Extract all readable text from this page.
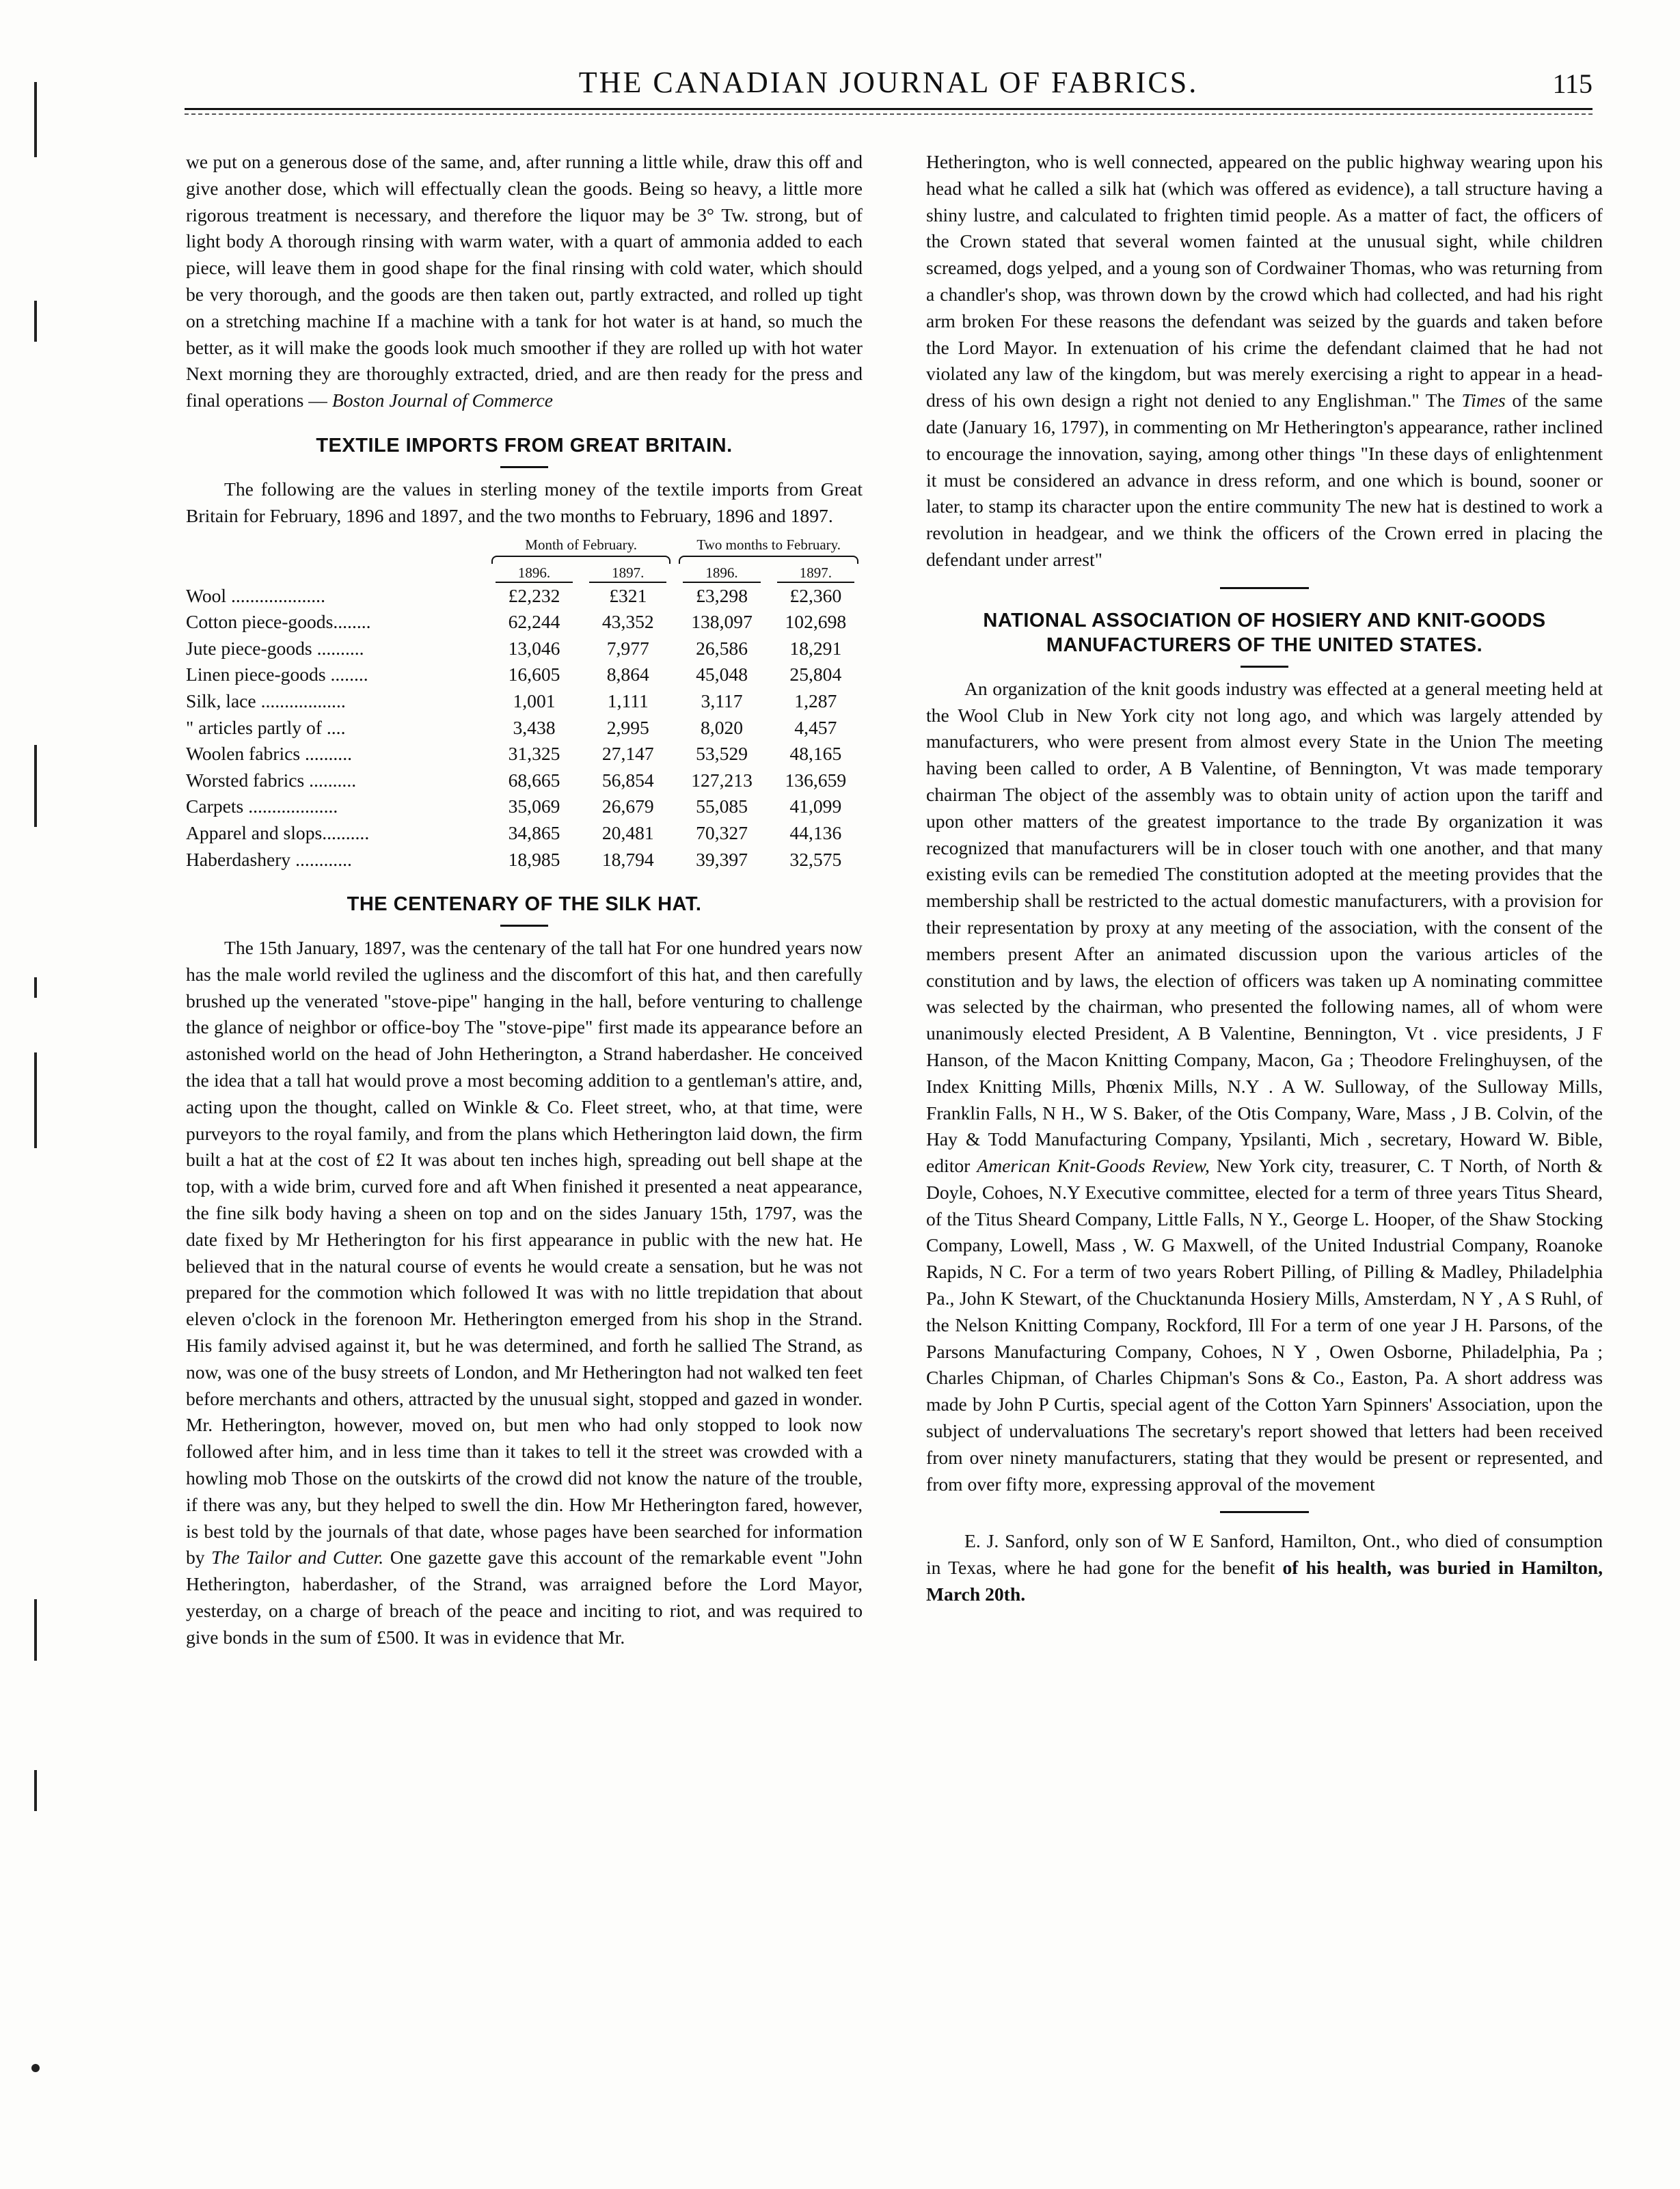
THE CANADIAN JOURNAL OF FABRICS.	115

we put on a generous dose of the same, and, after running a little while, draw this off and give another dose, which will effectually clean the goods. Being so heavy, a little more rigorous treatment is necessary, and therefore the liquor may be 3° Tw. strong, but of light body A thorough rinsing with warm water, with a quart of ammonia added to each piece, will leave them in good shape for the final rinsing with cold water, which should be very thorough, and the goods are then taken out, partly extracted, and rolled up tight on a stretching machine If a machine with a tank for hot water is at hand, so much the better, as it will make the goods look much smoother if they are rolled up with hot water Next morning they are thoroughly extracted, dried, and are then ready for the press and final operations — Boston Journal of Commerce

TEXTILE IMPORTS FROM GREAT BRITAIN.

The following are the values in sterling money of the textile imports from Great Britain for February, 1896 and 1897, and the two months to February, 1896 and 1897.

	Month of February.		Two months to February.	

	1896.	1897.	1896.	1897.

Wool ....................	£2,232	£321	£3,298	£2,360
Cotton piece-goods........	62,244	43,352	138,097	102,698
Jute piece-goods ..........	13,046	7,977	26,586	18,291
Linen piece-goods ........	16,605	8,864	45,048	25,804
Silk, lace ..................	1,001	1,111	3,117	1,287
" articles partly of ....	3,438	2,995	8,020	4,457
Woolen fabrics ..........	31,325	27,147	53,529	48,165
Worsted fabrics ..........	68,665	56,854	127,213	136,659
Carpets ...................	35,069	26,679	55,085	41,099
Apparel and slops..........	34,865	20,481	70,327	44,136
Haberdashery ............	18,985	18,794	39,397	32,575
THE CENTENARY OF THE SILK HAT.

The 15th January, 1897, was the centenary of the tall hat For one hundred years now has the male world reviled the ugliness and the discomfort of this hat, and then carefully brushed up the venerated "stove-pipe" hanging in the hall, before venturing to challenge the glance of neighbor or office-boy The "stove-pipe" first made its appearance before an astonished world on the head of John Hetherington, a Strand haberdasher. He conceived the idea that a tall hat would prove a most becoming addition to a gentleman's attire, and, acting upon the thought, called on Winkle & Co. Fleet street, who, at that time, were purveyors to the royal family, and from the plans which Hetherington laid down, the firm built a hat at the cost of £2 It was about ten inches high, spreading out bell shape at the top, with a wide brim, curved fore and aft When finished it presented a neat appearance, the fine silk body having a sheen on top and on the sides January 15th, 1797, was the date fixed by Mr Hetherington for his first appearance in public with the new hat. He believed that in the natural course of events he would create a sensation, but he was not prepared for the commotion which followed It was with no little trepidation that about eleven o'clock in the forenoon Mr. Hetherington emerged from his shop in the Strand. His family advised against it, but he was determined, and forth he sallied The Strand, as now, was one of the busy streets of London, and Mr Hetherington had not walked ten feet before merchants and others, attracted by the unusual sight, stopped and gazed in wonder. Mr. Hetherington, however, moved on, but men who had only stopped to look now followed after him, and in less time than it takes to tell it the street was crowded with a howling mob Those on the outskirts of the crowd did not know the nature of the trouble, if there was any, but they helped to swell the din. How Mr Hetherington fared, however, is best told by the journals of that date, whose pages have been searched for information by The Tailor and Cutter. One gazette gave this account of the remarkable event "John Hetherington, haberdasher, of the Strand, was arraigned before the Lord Mayor, yesterday, on a charge of breach of the peace and inciting to riot, and was required to give bonds in the sum of £500. It was in evidence that Mr.

Hetherington, who is well connected, appeared on the public highway wearing upon his head what he called a silk hat (which was offered as evidence), a tall structure having a shiny lustre, and calculated to frighten timid people. As a matter of fact, the officers of the Crown stated that several women fainted at the unusual sight, while children screamed, dogs yelped, and a young son of Cordwainer Thomas, who was returning from a chandler's shop, was thrown down by the crowd which had collected, and had his right arm broken For these reasons the defendant was seized by the guards and taken before the Lord Mayor. In extenuation of his crime the defendant claimed that he had not violated any law of the kingdom, but was merely exercising a right to appear in a head-dress of his own design a right not denied to any Englishman." The Times of the same date (January 16, 1797), in commenting on Mr Hetherington's appearance, rather inclined to encourage the innovation, saying, among other things "In these days of enlightenment it must be considered an advance in dress reform, and one which is bound, sooner or later, to stamp its character upon the entire community The new hat is destined to work a revolution in headgear, and we think the officers of the Crown erred in placing the defendant under arrest"

NATIONAL ASSOCIATION OF HOSIERY AND KNIT-GOODS MANUFACTURERS OF THE UNITED STATES.

An organization of the knit goods industry was effected at a general meeting held at the Wool Club in New York city not long ago, and which was largely attended by manufacturers, who were present from almost every State in the Union The meeting having been called to order, A B Valentine, of Bennington, Vt was made temporary chairman The object of the assembly was to obtain unity of action upon the tariff and upon other matters of the greatest importance to the trade By organization it was recognized that manufacturers will be in closer touch with one another, and that many existing evils can be remedied The constitution adopted at the meeting provides that the membership shall be restricted to the actual domestic manufacturers, with a provision for their representation by proxy at any meeting of the association, with the consent of the members present After an animated discussion upon the various articles of the constitution and by laws, the election of officers was taken up A nominating committee was selected by the chairman, who presented the following names, all of whom were unanimously elected President, A B Valentine, Bennington, Vt . vice presidents, J F Hanson, of the Macon Knitting Company, Macon, Ga ; Theodore Frelinghuysen, of the Index Knitting Mills, Phœnix Mills, N.Y . A W. Sulloway, of the Sulloway Mills, Franklin Falls, N H., W S. Baker, of the Otis Company, Ware, Mass , J B. Colvin, of the Hay & Todd Manufacturing Company, Ypsilanti, Mich , secretary, Howard W. Bible, editor American Knit-Goods Review, New York city, treasurer, C. T North, of North & Doyle, Cohoes, N.Y Executive committee, elected for a term of three years Titus Sheard, of the Titus Sheard Company, Little Falls, N Y., George L. Hooper, of the Shaw Stocking Company, Lowell, Mass , W. G Maxwell, of the United Industrial Company, Roanoke Rapids, N C. For a term of two years Robert Pilling, of Pilling & Madley, Philadelphia Pa., John K Stewart, of the Chucktanunda Hosiery Mills, Amsterdam, N Y , A S Ruhl, of the Nelson Knitting Company, Rockford, Ill For a term of one year J H. Parsons, of the Parsons Manufacturing Company, Cohoes, N Y , Owen Osborne, Philadelphia, Pa ; Charles Chipman, of Charles Chipman's Sons & Co., Easton, Pa. A short address was made by John P Curtis, special agent of the Cotton Yarn Spinners' Association, upon the subject of undervaluations The secretary's report showed that letters had been received from over ninety manufacturers, stating that they would be present or represented, and from over fifty more, expressing approval of the movement

E. J. Sanford, only son of W E Sanford, Hamilton, Ont., who died of consumption in Texas, where he had gone for the benefit of his health, was buried in Hamilton, March 20th.
